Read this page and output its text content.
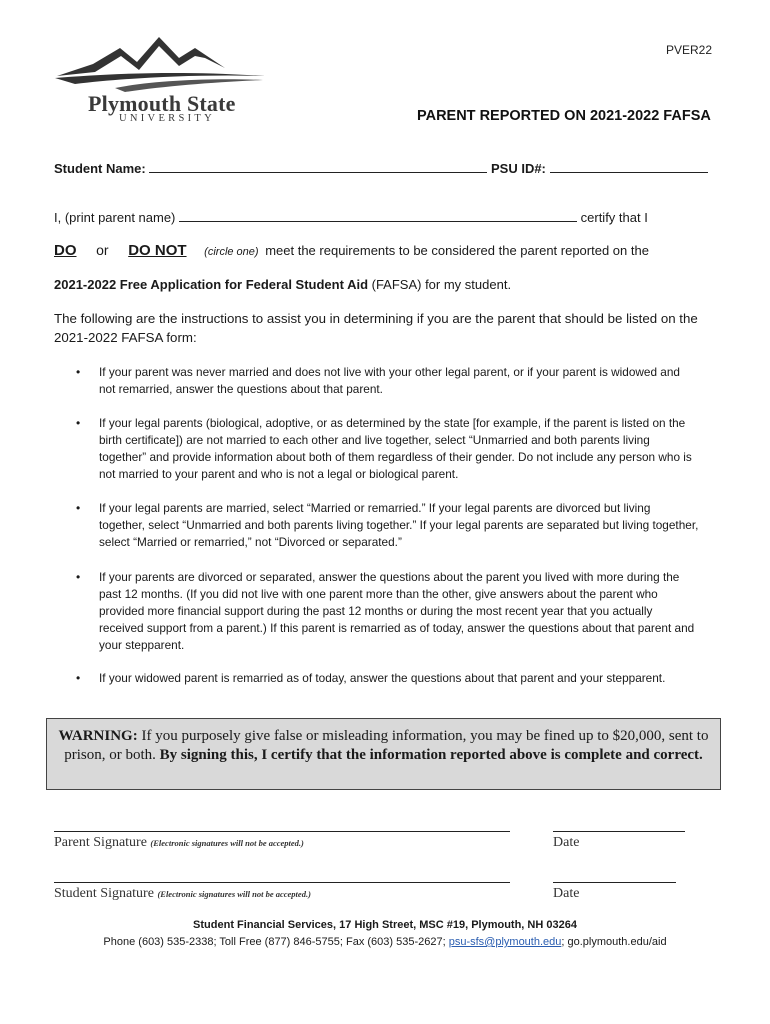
PVER22
Plymouth State
UNIVERSITY	PARENT REPORTED ON 2021-2022 FAFSA
Student Name:	PSU ID#:
I, (print parent name)	certify that I
DO or DO NOT (circle one) meet the requirements to be considered the parent reported on the
2021-2022 Free Application for Federal Student Aid (FAFSA) for my student.
The following are the instructions to assist you in determining if you are the parent that should be listed on the 2021-2022 FAFSA form:
• If your parent was never married and does not live with your other legal parent, or if your parent is widowed and not remarried, answer the questions about that parent.
• If your legal parents (biological, adoptive, or as determined by the state [for example, if the parent is listed on the birth certificate]) are not married to each other and live together, select “Unmarried and both parents living together” and provide information about both of them regardless of their gender. Do not include any person who is not married to your parent and who is not a legal or biological parent.
• If your legal parents are married, select “Married or remarried.” If your legal parents are divorced but living together, select “Unmarried and both parents living together.” If your legal parents are separated but living together, select “Married or remarried,” not “Divorced or separated.”
• If your parents are divorced or separated, answer the questions about the parent you lived with more during the past 12 months. (If you did not live with one parent more than the other, give answers about the parent who provided more financial support during the past 12 months or during the most recent year that you actually received support from a parent.) If this parent is remarried as of today, answer the questions about that parent and your stepparent.
• If your widowed parent is remarried as of today, answer the questions about that parent and your stepparent.
WARNING: If you purposely give false or misleading information, you may be fined up to $20,000, sent to prison, or both. By signing this, I certify that the information reported above is complete and correct.
Parent Signature (Electronic signatures will not be accepted.)	Date
Student Signature (Electronic signatures will not be accepted.)	Date
Student Financial Services, 17 High Street, MSC #19, Plymouth, NH 03264
Phone (603) 535-2338; Toll Free (877) 846-5755; Fax (603) 535-2627; psu-sfs@plymouth.edu; go.plymouth.edu/aid
